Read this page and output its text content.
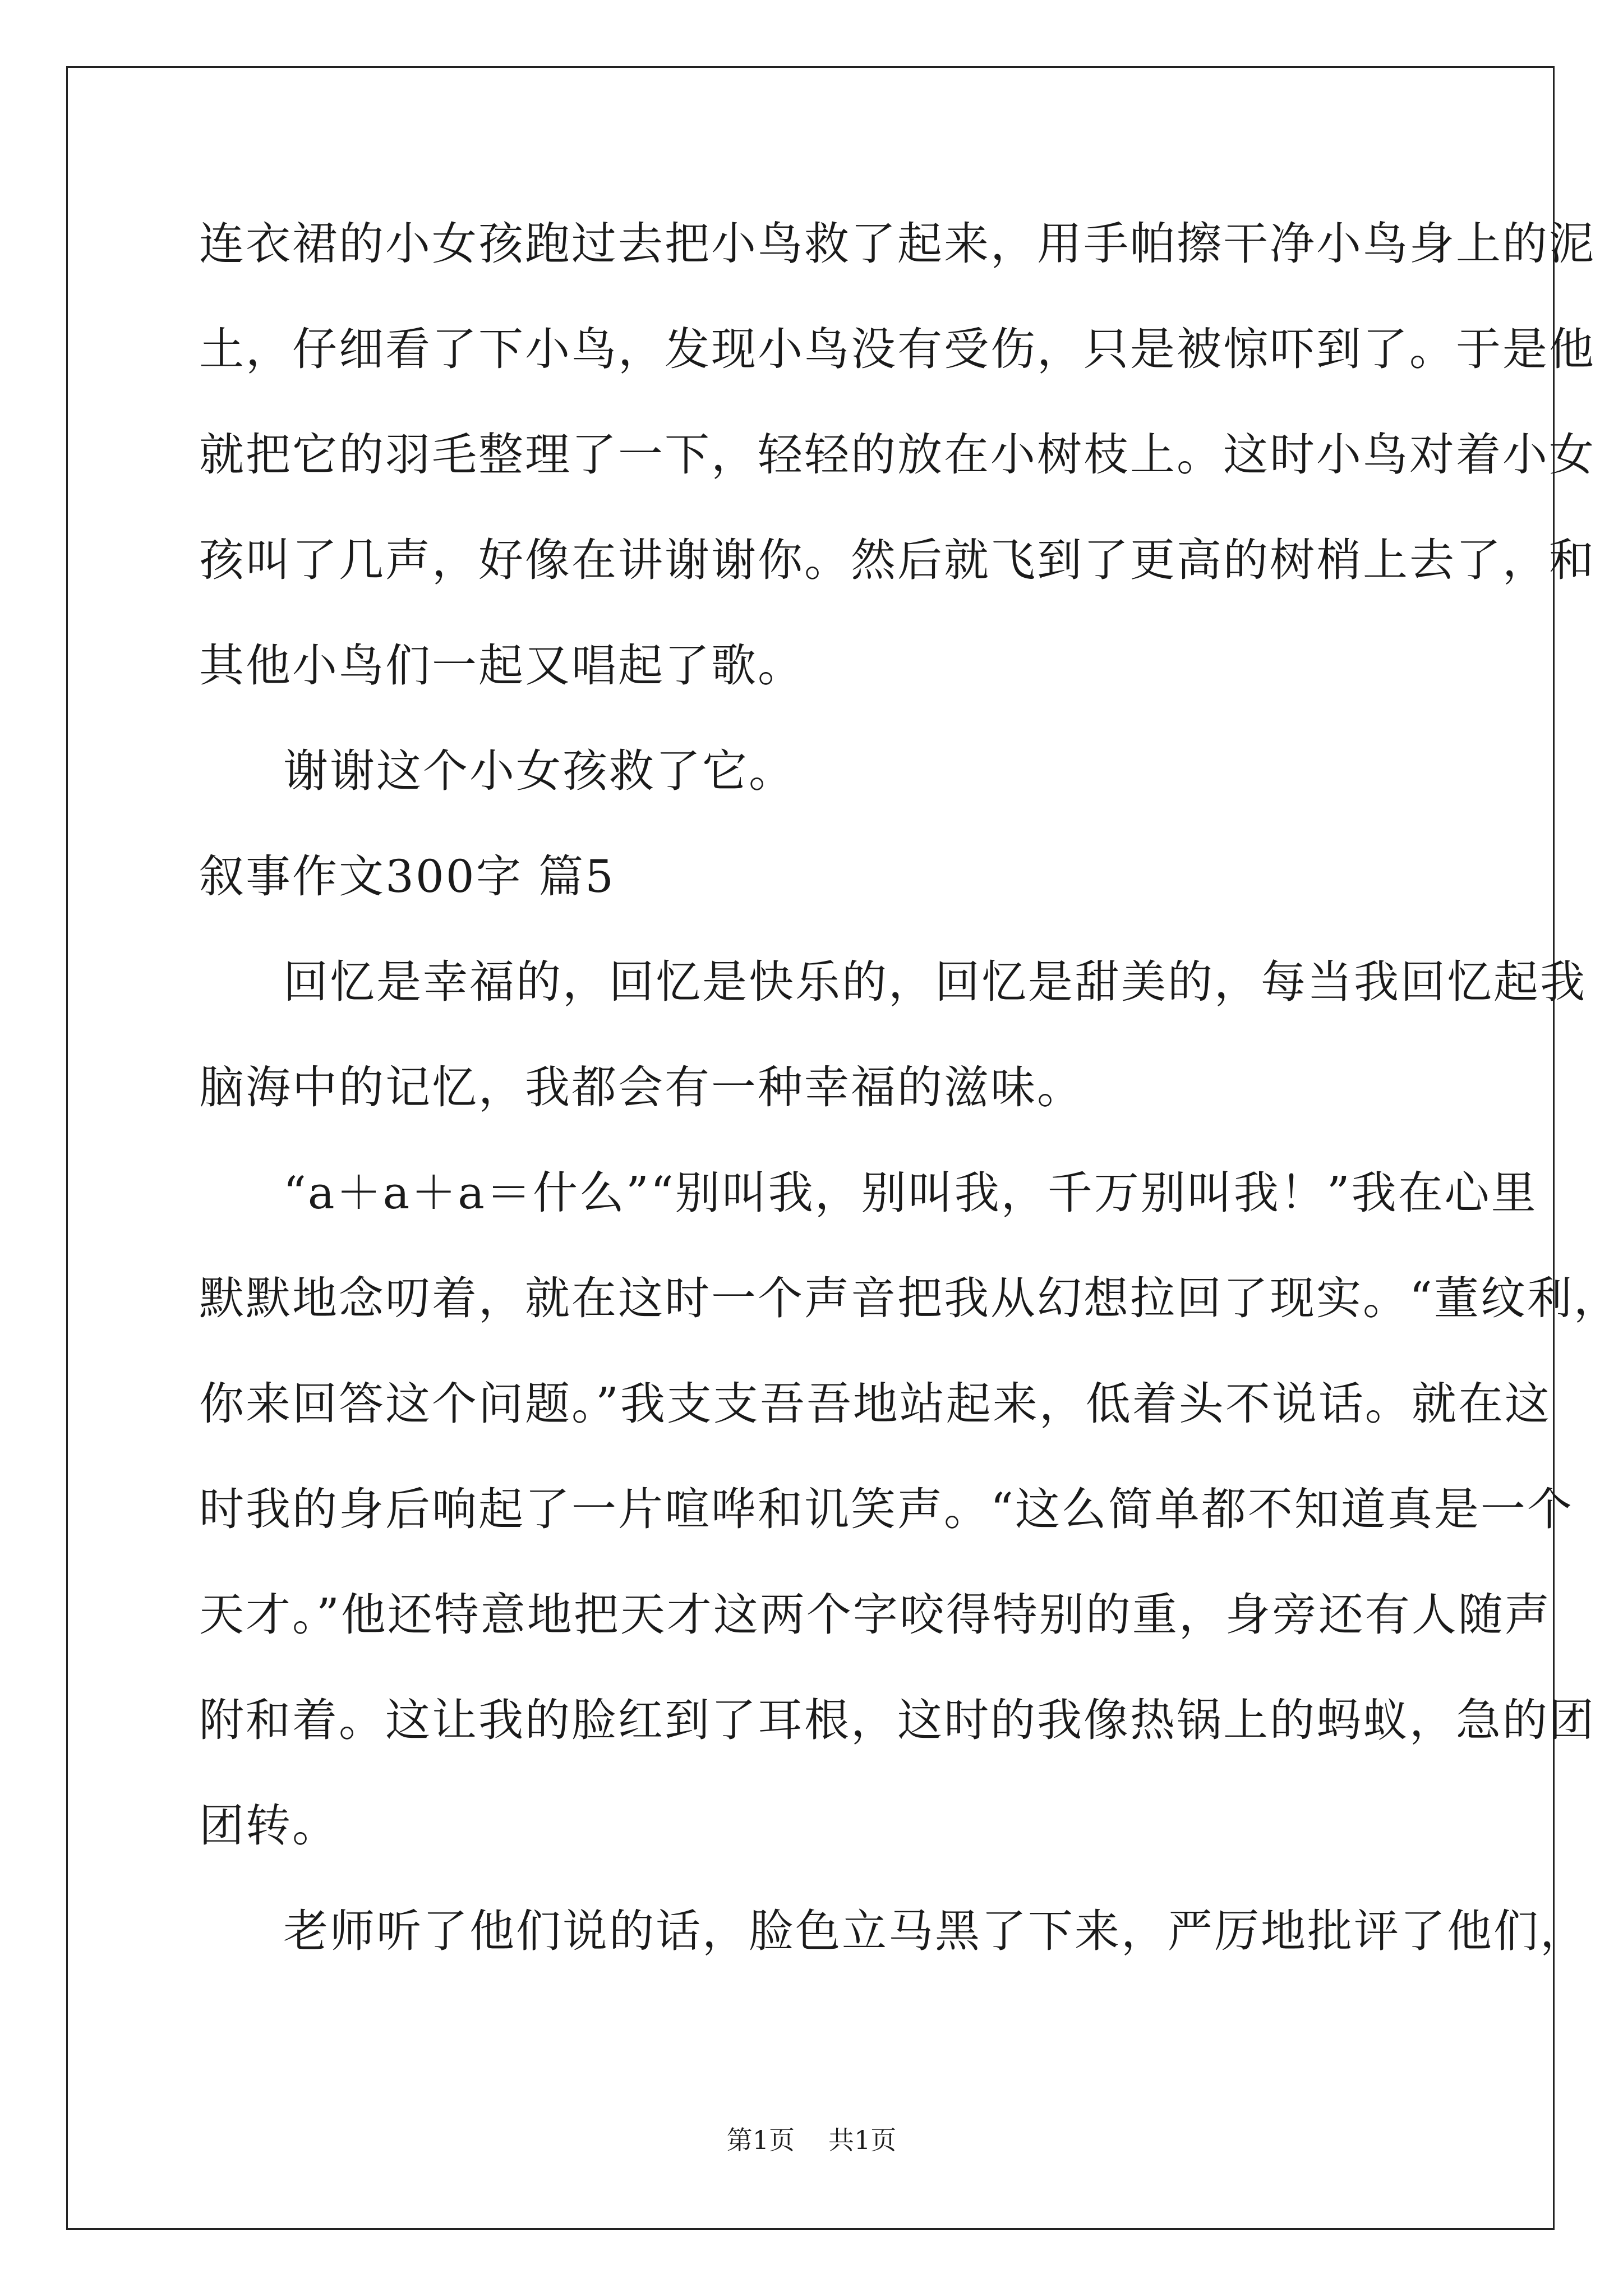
连衣裙的小女孩跑过去把小鸟救了起来，用手帕擦干净小鸟身上的泥
土，仔细看了下小鸟，发现小鸟没有受伤，只是被惊吓到了。于是他
就把它的羽毛整理了一下，轻轻的放在小树枝上。这时小鸟对着小女
孩叫了几声，好像在讲谢谢你。然后就飞到了更高的树梢上去了，和
其他小鸟们一起又唱起了歌。
谢谢这个小女孩救了它。
叙事作文300字 篇5
回忆是幸福的，回忆是快乐的，回忆是甜美的，每当我回忆起我
脑海中的记忆，我都会有一种幸福的滋味。
“a＋a＋a＝什么”“别叫我，别叫我，千万别叫我！”我在心里
默默地念叨着，就在这时一个声音把我从幻想拉回了现实。“董纹利，
你来回答这个问题。”我支支吾吾地站起来，低着头不说话。就在这
时我的身后响起了一片喧哗和讥笑声。“这么简单都不知道真是一个
天才。”他还特意地把天才这两个字咬得特别的重，身旁还有人随声
附和着。这让我的脸红到了耳根，这时的我像热锅上的蚂蚁，急的团
团转。
老师听了他们说的话，脸色立马黑了下来，严厉地批评了他们，
第1页 共1页
